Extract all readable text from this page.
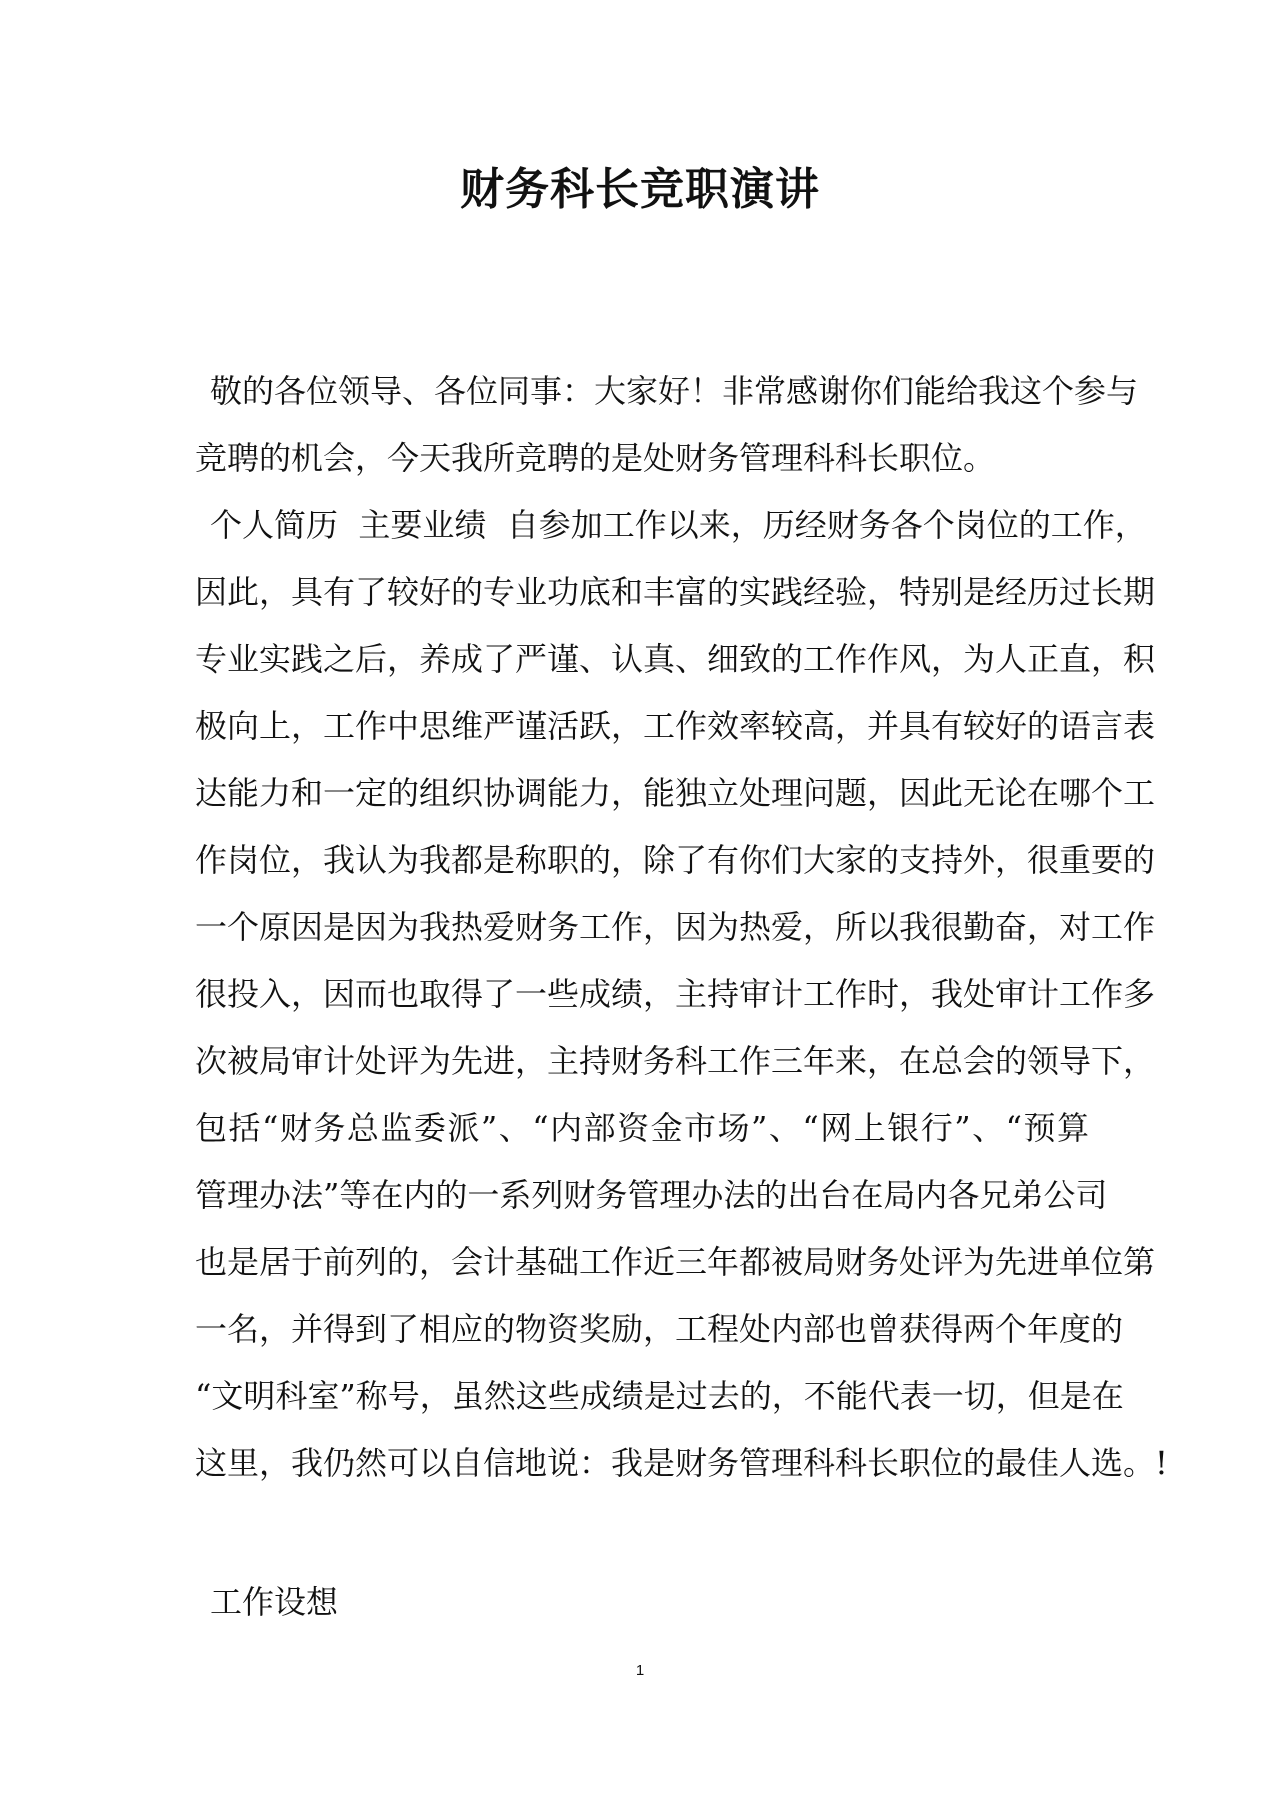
财务科长竞职演讲
敬的各位领导、各位同事：大家好！非常感谢你们能给我这个参与
竞聘的机会，今天我所竞聘的是处财务管理科科长职位。
个人简历  主要业绩  自参加工作以来，历经财务各个岗位的工作，
因此，具有了较好的专业功底和丰富的实践经验，特别是经历过长期
专业实践之后，养成了严谨、认真、细致的工作作风，为人正直，积
极向上，工作中思维严谨活跃，工作效率较高，并具有较好的语言表
达能力和一定的组织协调能力，能独立处理问题，因此无论在哪个工
作岗位，我认为我都是称职的，除了有你们大家的支持外，很重要的
一个原因是因为我热爱财务工作，因为热爱，所以我很勤奋，对工作
很投入，因而也取得了一些成绩，主持审计工作时，我处审计工作多
次被局审计处评为先进，主持财务科工作三年来，在总会的领导下，
包括“财务总监委派”、“内部资金市场”、“网上银行”、“预算
管理办法”等在内的一系列财务管理办法的出台在局内各兄弟公司
也是居于前列的，会计基础工作近三年都被局财务处评为先进单位第
一名，并得到了相应的物资奖励，工程处内部也曾获得两个年度的
“文明科室”称号，虽然这些成绩是过去的，不能代表一切，但是在
这里，我仍然可以自信地说：我是财务管理科科长职位的最佳人选。!
工作设想
1
